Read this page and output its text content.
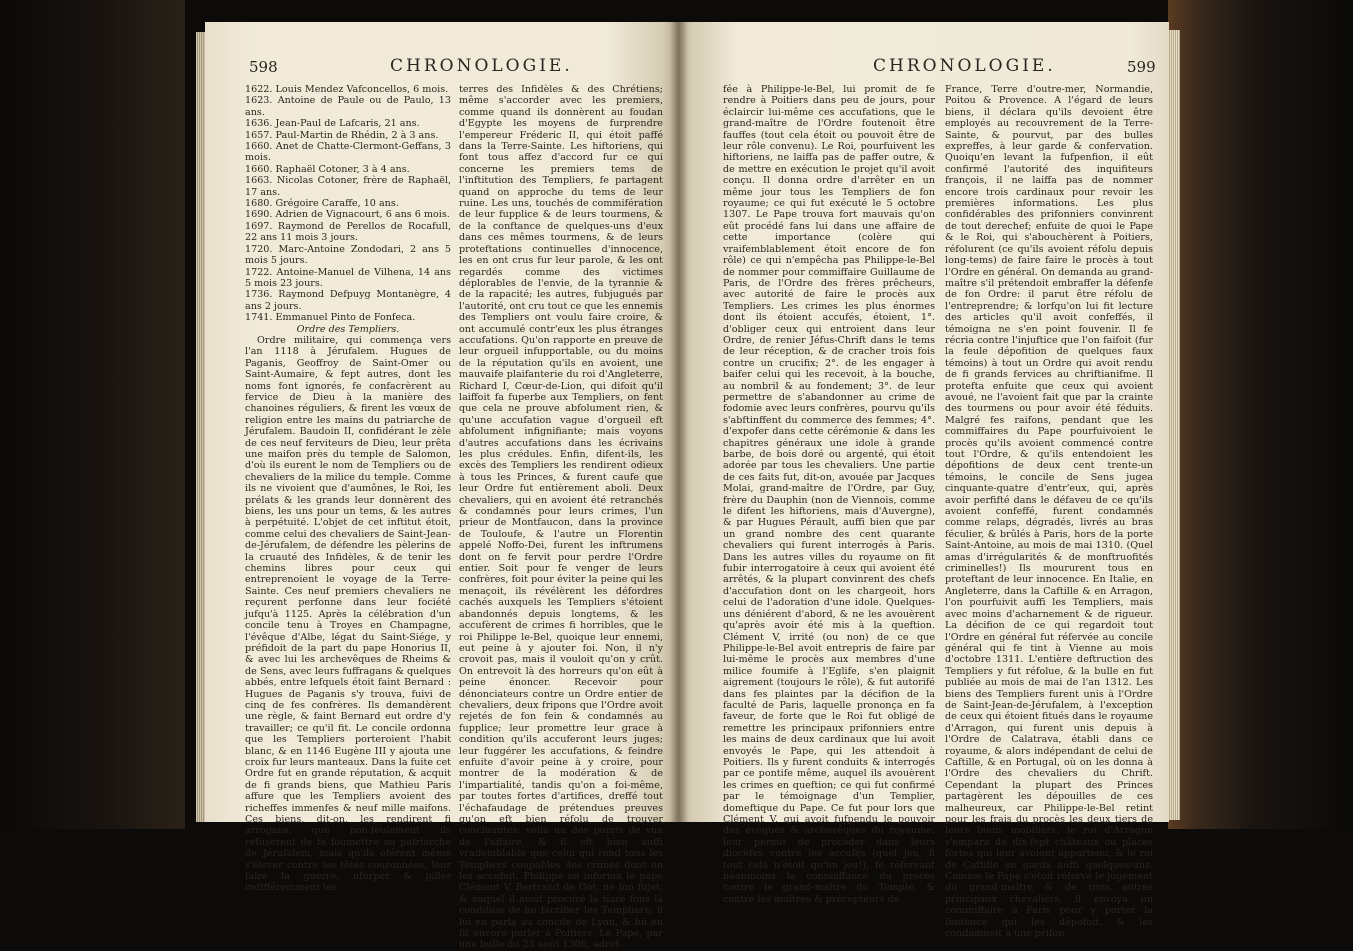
598	CHRONOLOGIE.

1622. Louis Mendez Vafconcellos, 6 mois.

1623. Antoine de Paule ou de Paulo, 13 ans.

1636. Jean-Paul de Lafcaris, 21 ans.

1657. Paul-Martin de Rhédin, 2 à 3 ans.

1660. Anet de Chatte-Clermont-Geffans, 3 mois.

1660. Raphaël Cotoner, 3 à 4 ans.

1663. Nicolas Cotoner, frère de Raphaël, 17 ans.

1680. Grégoire Caraffe, 10 ans.

1690. Adrien de Vignacourt, 6 ans 6 mois.

1697. Raymond de Perellos de Rocafull, 22 ans 11 mois 3 jours.

1720. Marc-Antoine Zondodari, 2 ans 5 mois 5 jours.

1722. Antoine-Manuel de Vilhena, 14 ans 5 mois 23 jours.

1736. Raymond Defpuyg Montanègre, 4 ans 2 jours.

1741. Emmanuel Pinto de Fonfeca.

Ordre des Templiers.

Ordre militaire, qui commença vers l'an 1118 à Jérufalem. Hugues de Paganis, Geoffroy de Saint-Omer ou Saint-Aumaire, & fept autres, dont les noms font ignorés, fe confacrèrent au fervice de Dieu à la manière des chanoines réguliers, & firent les vœux de religion entre les mains du patriarche de Jérufalem. Baudoin II, confidérant le zèle de ces neuf ferviteurs de Dieu, leur prêta une maifon près du temple de Salomon, d'où ils eurent le nom de Templiers ou de chevaliers de la milice du temple. Comme ils ne vivoient que d'aumônes, le Roi, les prélats & les grands leur donnèrent des biens, les uns pour un tems, & les autres à perpétuité. L'objet de cet inftitut étoit, comme celui des chevaliers de Saint-Jean-de-Jérufalem, de défendre les pèlerins de la cruauté des Infidèles, & de tenir les chemins libres pour ceux qui entreprenoient le voyage de la Terre-Sainte. Ces neuf premiers chevaliers ne reçurent perfonne dans leur fociété jufqu'à 1125. Après la célébration d'un concile tenu à Troyes en Champagne, l'évêque d'Albe, légat du Saint-Siége, y préfidoit de la part du pape Honorius II, & avec lui les archevêques de Rheims & de Sens, avec leurs fuffragans & quelques abbés, entre lefquels étoit faint Bernard : Hugues de Paganis s'y trouva, fuivi de cinq de fes confrères. Ils demandèrent une règle, & faint Bernard eut ordre d'y travailler; ce qu'il fit. Le concile ordonna que les Templiers porteroient l'habit blanc, & en 1146 Eugène III y ajouta une croix fur leurs manteaux. Dans la fuite cet Ordre fut en grande réputation, & acquit de fi grands biens, que Mathieu Paris affure que les Templiers avoient des richeffes immenfes & neuf mille maifons. Ces biens, dit-on, les rendirent fi arrogans, que non-feulement ils refusèrent de fe foumettre au patriarche de Jérufalem, mais qu'ils oférent même s'élever contre les têtes couronnées, leur faire la guerre, ufurper & piller indifféremment les

terres des Infidèles & des Chrétiens; même s'accorder avec les premiers, comme quand ils donnèrent au foudan d'Egypte les moyens de furprendre l'empereur Fréderic II, qui étoit paffé dans la Terre-Sainte. Les hiftoriens, qui font tous affez d'accord fur ce qui concerne les premiers tems de l'inftitution des Templiers, fe partagent quand on approche du tems de leur ruine. Les uns, touchés de commifération de leur fupplice & de leurs tourmens, & de la conftance de quelques-uns d'eux dans ces mêmes tourmens, & de leurs proteftations continuelles d'innocence, les en ont crus fur leur parole, & les ont regardés comme des victimes déplorables de l'envie, de la tyrannie & de la rapacité; les autres, fubjugués par l'autorité, ont cru tout ce que les ennemis des Templiers ont voulu faire croire, & ont accumulé contr'eux les plus étranges accufations. Qu'on rapporte en preuve de leur orgueil infupportable, ou du moins de la réputation qu'ils en avoient, une mauvaife plaifanterie du roi d'Angleterre, Richard I, Cœur-de-Lion, qui difoit qu'il laiffoit fa fuperbe aux Templiers, on fent que cela ne prouve abfolument rien, & qu'une accufation vague d'orgueil eft abfolument infignifiante; mais voyons d'autres accufations dans les écrivains les plus crédules. Enfin, difent-ils, les excès des Templiers les rendirent odieux à tous les Princes, & furent caufe que leur Ordre fut entièrement aboli. Deux chevaliers, qui en avoient été retranchés & condamnés pour leurs crimes, l'un prieur de Montfaucon, dans la province de Touloufe, & l'autre un Florentin appelé Noffo-Dei, furent les inftrumens dont on fe fervit pour perdre l'Ordre entier. Soit pour fe venger de leurs confrères, foit pour éviter la peine qui les menaçoit, ils révélèrent les défordres cachés auxquels les Templiers s'étoient abandonnés depuis longtems, & les accufèrent de crimes fi horribles, que le roi Philippe le-Bel, quoique leur ennemi, eut peine à y ajouter foi. Non, il n'y crovoit pas, mais il vouloit qu'on y crût. On entrevoit là des horreurs qu'on eût à peine énoncer. Recevoir pour dénonciateurs contre un Ordre entier de chevaliers, deux fripons que l'Ordre avoit rejetés de fon fein & condamnés au fupplice; leur promettre leur grace à condition qu'ils accuferont leurs juges; leur fuggérer les accufations, & feindre enfuite d'avoir peine à y croire, pour montrer de la modération & de l'impartialité, tandis qu'on a foi-même, par toutes fortes d'artifices, dreffé tout l'échafaudage de prétendues preuves qu'on eft bien réfolu de trouver concluantes: voilà un des points de vue de l'affaire, & il eft bien auffi vraifemblable que celui qui rend tous les Templiers coupables des crimes dont on les accufoit. Philippe en informa le pape Clément V, Bertrand de Got, né fon fujet, & auquel il avoit procuré la tiare fous la condition de lui facrifier les Templiers; il lui en parla au concile de Lyon, & lui en fit encore parler à Poitiers. Le Pape, par une bulle du 23 août 1306, adref-

CHRONOLOGIE.	599

fée à Philippe-le-Bel, lui promit de fe rendre à Poitiers dans peu de jours, pour éclaircir lui-même ces accufations, que le grand-maître de l'Ordre foutenoit être fauffes (tout cela étoit ou pouvoit être de leur rôle convenu). Le Roi, pourfuivent les hiftoriens, ne laiffa pas de paffer outre, & de mettre en exécution le projet qu'il avoit conçu. Il donna ordre d'arrêter en un même jour tous les Templiers de fon royaume; ce qui fut exécuté le 5 octobre 1307. Le Pape trouva fort mauvais qu'on eût procédé fans lui dans une affaire de cette importance (colère qui vraifemblablement étoit encore de fon rôle) ce qui n'empêcha pas Philippe-le-Bel de nommer pour commiffaire Guillaume de Paris, de l'Ordre des frères prêcheurs, avec autorité de faire le procès aux Templiers. Les crimes les plus énormes dont ils étoient accufés, étoient, 1°. d'obliger ceux qui entroient dans leur Ordre, de renier Jéfus-Chrift dans le tems de leur réception, & de cracher trois fois contre un crucifix; 2°. de les engager à baifer celui qui les recevoit, à la bouche, au nombril & au fondement; 3°. de leur permettre de s'abandonner au crime de fodomie avec leurs confrères, pourvu qu'ils s'abftinffent du commerce des femmes; 4°. d'expofer dans cette cérémonie & dans les chapitres généraux une idole à grande barbe, de bois doré ou argenté, qui étoit adorée par tous les chevaliers. Une partie de ces faits fut, dit-on, avouée par Jacques Molai, grand-maître de l'Ordre, par Guy, frère du Dauphin (non de Viennois, comme le difent les hiftoriens, mais d'Auvergne), & par Hugues Pérault, auffi bien que par un grand nombre des cent quarante chevaliers qui furent interrogés à Paris. Dans les autres villes du royaume on fit fubir interrogatoire à ceux qui avoient été arrêtés, & la plupart convinrent des chefs d'accufation dont on les chargeoit, hors celui de l'adoration d'une idole. Quelques-uns déniérent d'abord, & ne les avouèrent qu'après avoir été mis à la queftion. Clément V, irrité (ou non) de ce que Philippe-le-Bel avoit entrepris de faire par lui-même le procès aux membres d'une milice foumife à l'Eglife, s'en plaignit aigrement (toujours le rôle), & fut autorifé dans fes plaintes par la décifion de la faculté de Paris, laquelle prononça en fa faveur, de forte que le Roi fut obligé de remettre les principaux prifonniers entre les mains de deux cardinaux que lui avoit envoyés le Pape, qui les attendoit à Poitiers. Ils y furent conduits & interrogés par ce pontife même, auquel ils avouèrent les crimes en queftion; ce qui fut confirmé par le témoignage d'un Templier, domeftique du Pape. Ce fut pour lors que Clément V, qui avoit fufpendu le pouvoir des évêques & archevêques du royaume, leur permit de procéder dans leurs diocèfes contre les accufés (quel jeu, fi tout cela n'étoit qu'un jeu!), fe réfervant néanmoins la connoiffance du procès contre le grand-maître du Temple, & contre les maîtres & précepteurs de

France, Terre d'outre-mer, Normandie, Poitou & Provence. A l'égard de leurs biens, il déclara qu'ils devoient être employés au recouvrement de la Terre-Sainte, & pourvut, par des bulles expreffes, à leur garde & confervation. Quoiqu'en levant la fufpenfion, il eût confirmé l'autorité des inquifiteurs françois, il ne laiffa pas de nommer encore trois cardinaux pour revoir les premières informations. Les plus confidérables des prifonniers convinrent de tout derechef; enfuite de quoi le Pape & le Roi, qui s'abouchèrent à Poitiers, réfolurent (ce qu'ils avoient réfolu depuis long-tems) de faire faire le procès à tout l'Ordre en général. On demanda au grand-maître s'il prétendoit embraffer la défenfe de fon Ordre: il parut être réfolu de l'entreprendre; & lorfqu'on lui fit lecture des articles qu'il avoit confeffés, il témoigna ne s'en point fouvenir. Il fe récria contre l'injuftice que l'on faifoit (fur la feule dépofition de quelques faux témoins) à tout un Ordre qui avoit rendu de fi grands fervices au chriftianifme. Il protefta enfuite que ceux qui avoient avoué, ne l'avoient fait que par la crainte des tourmens ou pour avoir été féduits. Malgré fes raifons, pendant que les commiffaires du Pape pourfuivoient le procès qu'ils avoient commencé contre tout l'Ordre, & qu'ils entendoient les dépofitions de deux cent trente-un témoins, le concile de Sens jugea cinquante-quatre d'entr'eux, qui, après avoir perfifté dans le défaveu de ce qu'ils avoient confeffé, furent condamnés comme relaps, dégradés, livrés au bras féculier, & brûlés à Paris, hors de la porte Saint-Antoine, au mois de mai 1310. (Quel amas d'irrégularités & de monftruofités criminelles!) Ils moururent tous en proteftant de leur innocence. En Italie, en Angleterre, dans la Caftille & en Arragon, l'on pourfuivit auffi les Templiers, mais avec moins d'acharnement & de rigueur. La décifion de ce qui regardoit tout l'Ordre en général fut réfervée au concile général qui fe tint à Vienne au mois d'octobre 1311. L'entière deftruction des Templiers y fut réfolue, & la bulle en fut publiée au mois de mai de l'an 1312. Les biens des Templiers furent unis à l'Ordre de Saint-Jean-de-Jérufalem, à l'exception de ceux qui étoient fitués dans le royaume d'Arragon, qui furent unis depuis à l'Ordre de Calatrava, établi dans ce royaume, & alors indépendant de celui de Caftille, & en Portugal, où on les donna à l'Ordre des chevaliers du Chrift. Cependant la plupart des Princes partagèrent les dépouilles de ces malheureux, car Philippe-le-Bel retint pour les frais du procès les deux tiers de leurs biens mobiliers: le roi d'Arragon s'empara de dix-fept châteaux ou places fortes qui leur avoient appartenu, & le roi de Caftille en garda auffi quelques-uns. Comme le Pape s'étoit réfervé le jugement du grand-maître & de trois autres principaux chevaliers, il envoya un commiffaire à Paris pour y porter la fentence qui les dépofoit, & les condamnoit à une prifon
